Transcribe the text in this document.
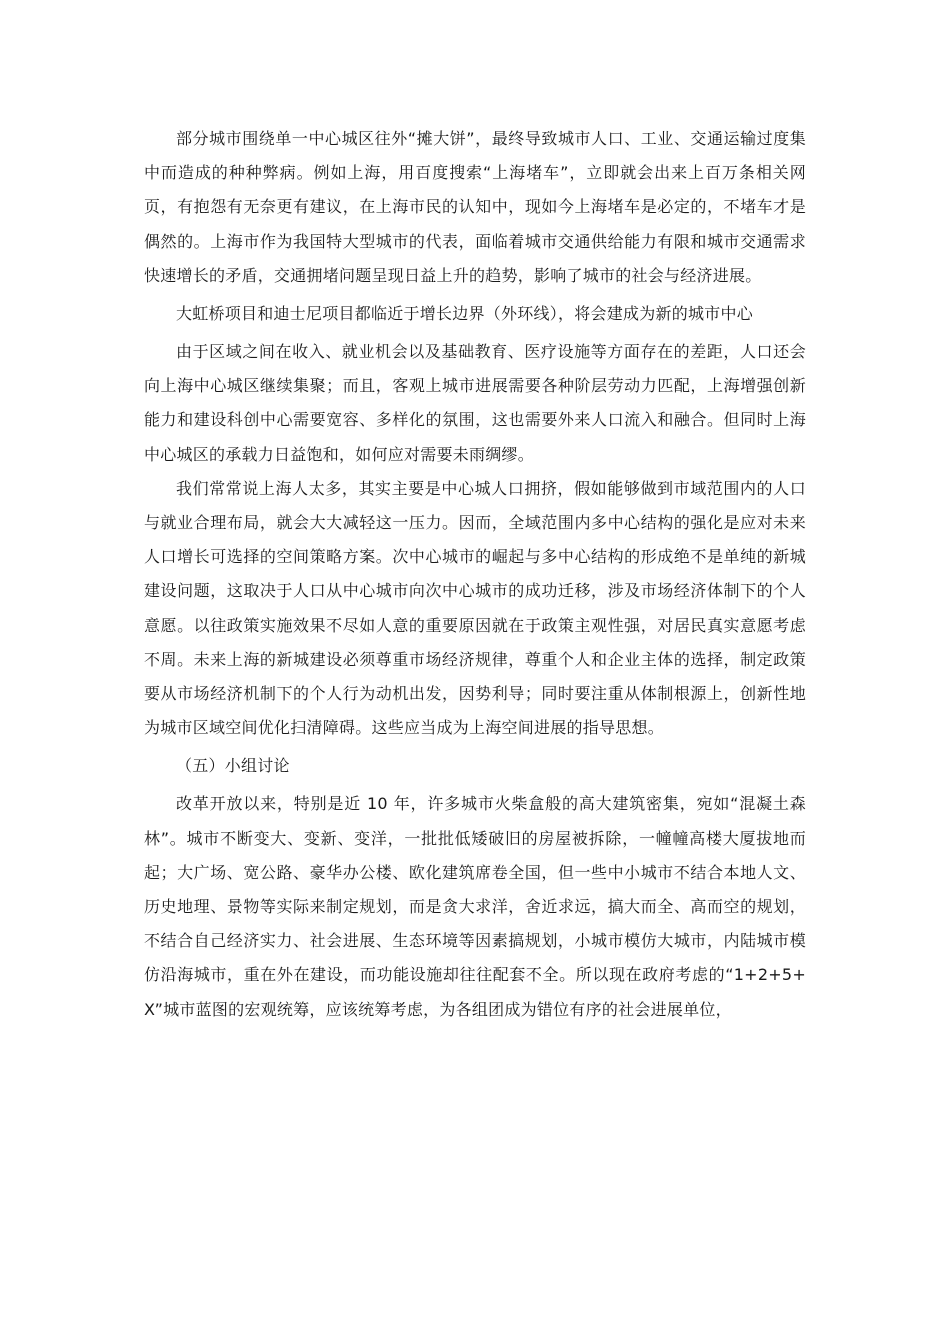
部分城市围绕单一中心城区往外“摊大饼”，最终导致城市人口、工业、交通运输过度集中而造成的种种弊病。例如上海，用百度搜索“上海堵车”，立即就会出来上百万条相关网页，有抱怨有无奈更有建议，在上海市民的认知中，现如今上海堵车是必定的，不堵车才是偶然的。上海市作为我国特大型城市的代表，面临着城市交通供给能力有限和城市交通需求快速增长的矛盾，交通拥堵问题呈现日益上升的趋势，影响了城市的社会与经济进展。

大虹桥项目和迪士尼项目都临近于增长边界（外环线），将会建成为新的城市中心

由于区域之间在收入、就业机会以及基础教育、医疗设施等方面存在的差距，人口还会向上海中心城区继续集聚；而且，客观上城市进展需要各种阶层劳动力匹配，上海增强创新能力和建设科创中心需要宽容、多样化的氛围，这也需要外来人口流入和融合。但同时上海中心城区的承载力日益饱和，如何应对需要未雨绸缪。

我们常常说上海人太多，其实主要是中心城人口拥挤，假如能够做到市域范围内的人口与就业合理布局，就会大大减轻这一压力。因而，全域范围内多中心结构的强化是应对未来人口增长可选择的空间策略方案。次中心城市的崛起与多中心结构的形成绝不是单纯的新城建设问题，这取决于人口从中心城市向次中心城市的成功迁移，涉及市场经济体制下的个人意愿。以往政策实施效果不尽如人意的重要原因就在于政策主观性强，对居民真实意愿考虑不周。未来上海的新城建设必须尊重市场经济规律，尊重个人和企业主体的选择，制定政策要从市场经济机制下的个人行为动机出发，因势利导；同时要注重从体制根源上，创新性地为城市区域空间优化扫清障碍。这些应当成为上海空间进展的指导思想。

（五）小组讨论

改革开放以来，特别是近 10 年，许多城市火柴盒般的高大建筑密集，宛如“混凝土森林”。城市不断变大、变新、变洋，一批批低矮破旧的房屋被拆除，一幢幢高楼大厦拔地而起；大广场、宽公路、豪华办公楼、欧化建筑席卷全国，但一些中小城市不结合本地人文、历史地理、景物等实际来制定规划，而是贪大求洋，舍近求远，搞大而全、高而空的规划，不结合自己经济实力、社会进展、生态环境等因素搞规划，小城市模仿大城市，内陆城市模仿沿海城市，重在外在建设，而功能设施却往往配套不全。所以现在政府考虑的“1+2+5+X”城市蓝图的宏观统筹，应该统筹考虑，为各组团成为错位有序的社会进展单位，
